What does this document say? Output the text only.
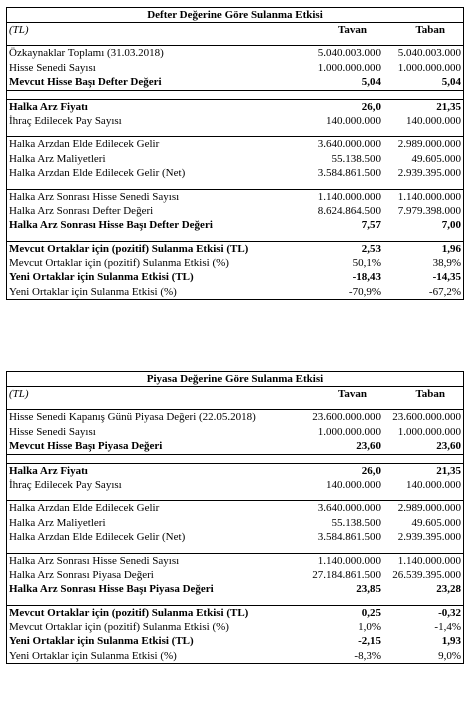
Defter Değerine Göre Sulanma Etkisi
(TL)	Tavan	Taban
Özkaynaklar Toplamı (31.03.2018)	5.040.003.000 5.040.003.000
Hisse Senedi Sayısı	1.000.000.000 1.000.000.000
Mevcut Hisse Başı Defter Değeri	5,04	5,04
Halka Arz Fiyatı	26,0	21,35
İhraç Edilecek Pay Sayısı	140.000.000 140.000.000
Halka Arzdan Elde Edilecek Gelir	3.640.000.000 2.989.000.000
Halka Arz Maliyetleri	55.138.500	49.605.000
Halka Arzdan Elde Edilecek Gelir (Net)	3.584.861.500 2.939.395.000
Halka Arz Sonrası Hisse Senedi Sayısı	1.140.000.000 1.140.000.000
Halka Arz Sonrası Defter Değeri	8.624.864.500 7.979.398.000
Halka Arz Sonrası Hisse Başı Defter Değeri	7,57	7,00
Mevcut Ortaklar için (pozitif) Sulanma Etkisi (TL)	2,53	1,96
Mevcut Ortaklar için (pozitif) Sulanma Etkisi (%)	50,1%	38,9%
Yeni Ortaklar için Sulanma Etkisi (TL)	-18,43	-14,35
Yeni Ortaklar için Sulanma Etkisi (%)	-70,9%	-67,2%
Piyasa Değerine Göre Sulanma Etkisi
(TL)	Tavan	Taban
Hisse Senedi Kapanış Günü Piyasa Değeri (22.05.2018)	23.600.000.000 23.600.000.000
Hisse Senedi Sayısı	1.000.000.000 1.000.000.000
Mevcut Hisse Başı Piyasa Değeri	23,60	23,60
Halka Arz Fiyatı	26,0	21,35
İhraç Edilecek Pay Sayısı	140.000.000 140.000.000
Halka Arzdan Elde Edilecek Gelir	3.640.000.000 2.989.000.000
Halka Arz Maliyetleri	55.138.500	49.605.000
Halka Arzdan Elde Edilecek Gelir (Net)	3.584.861.500 2.939.395.000
Halka Arz Sonrası Hisse Senedi Sayısı	1.140.000.000 1.140.000.000
Halka Arz Sonrası Piyasa Değeri	27.184.861.500 26.539.395.000
Halka Arz Sonrası Hisse Başı Piyasa Değeri	23,85	23,28
Mevcut Ortaklar için (pozitif) Sulanma Etkisi (TL)	0,25	-0,32
Mevcut Ortaklar için (pozitif) Sulanma Etkisi (%)	1,0%	-1,4%
Yeni Ortaklar için Sulanma Etkisi (TL)	-2,15	1,93
Yeni Ortaklar için Sulanma Etkisi (%)	-8,3%	9,0%
